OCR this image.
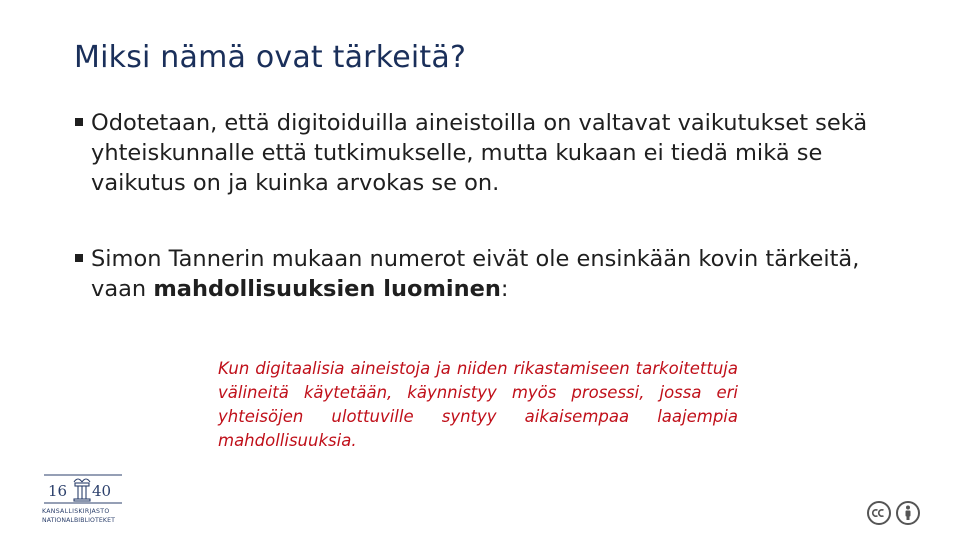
Miksi nämä ovat tärkeitä?
Odotetaan, että digitoiduilla aineistoilla on valtavat vaikutukset sekä yhteiskunnalle että tutkimukselle, mutta kukaan ei tiedä mikä se vaikutus on ja kuinka arvokas se on.
Simon Tannerin mukaan numerot eivät ole ensinkään kovin tärkeitä, vaan mahdollisuuksien luominen:
Kun digitaalisia aineistoja ja niiden rikastamiseen tarkoitettuja välineitä käytetään, käynnistyy myös prosessi, jossa eri yhteisöjen ulottuville syntyy aikaisempaa laajempia mahdollisuuksia.
16 40
KANSALLISKIRJASTO
NATIONALBIBLIOTEKET
